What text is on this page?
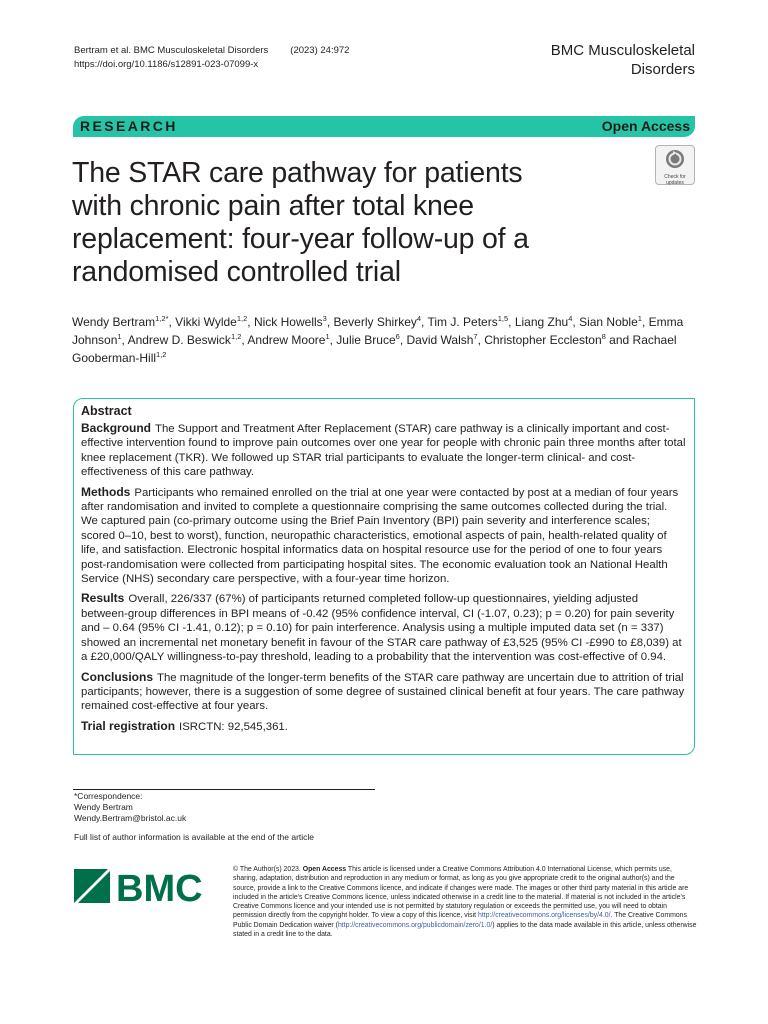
Bertram et al. BMC Musculoskeletal Disorders (2023) 24:972
https://doi.org/10.1186/s12891-023-07099-x
BMC Musculoskeletal
Disorders
RESEARCH	Open Access
The STAR care pathway for patients with chronic pain after total knee replacement: four-year follow-up of a randomised controlled trial
Check for
updates
Wendy Bertram$^{1,2*}$, Vikki Wylde$^{1,2}$, Nick Howells$^3$, Beverly Shirkey$^4$, Tim J. Peters$^{1,5}$, Liang Zhu$^4$, Sian Noble$^1$, Emma Johnson$^1$, Andrew D. Beswick$^{1,2}$, Andrew Moore$^1$, Julie Bruce$^6$, David Walsh$^7$, Christopher Eccleston$^8$ and Rachael Gooberman-Hill$^{1,2}$
Abstract

Background The Support and Treatment After Replacement (STAR) care pathway is a clinically important and cost-effective intervention found to improve pain outcomes over one year for people with chronic pain three months after total knee replacement (TKR). We followed up STAR trial participants to evaluate the longer-term clinical- and cost-effectiveness of this care pathway.

Methods Participants who remained enrolled on the trial at one year were contacted by post at a median of four years after randomisation and invited to complete a questionnaire comprising the same outcomes collected during the trial. We captured pain (co-primary outcome using the Brief Pain Inventory (BPI) pain severity and interference scales; scored 0–10, best to worst), function, neuropathic characteristics, emotional aspects of pain, health-related quality of life, and satisfaction. Electronic hospital informatics data on hospital resource use for the period of one to four years post-randomisation were collected from participating hospital sites. The economic evaluation took an National Health Service (NHS) secondary care perspective, with a four-year time horizon.

Results Overall, 226/337 (67%) of participants returned completed follow-up questionnaires, yielding adjusted between-group differences in BPI means of -0.42 (95% confidence interval, CI (-1.07, 0.23); p = 0.20) for pain severity and – 0.64 (95% CI -1.41, 0.12); p = 0.10) for pain interference. Analysis using a multiple imputed data set (n = 337) showed an incremental net monetary benefit in favour of the STAR care pathway of £3,525 (95% CI -£990 to £8,039) at a £20,000/QALY willingness-to-pay threshold, leading to a probability that the intervention was cost-effective of 0.94.

Conclusions The magnitude of the longer-term benefits of the STAR care pathway are uncertain due to attrition of trial participants; however, there is a suggestion of some degree of sustained clinical benefit at four years. The care pathway remained cost-effective at four years.

Trial registration ISRCTN: 92,545,361.

*Correspondence:
Wendy Bertram
Wendy.Bertram@bristol.ac.uk
Full list of author information is available at the end of the article
BMC	© The Author(s) 2023. Open Access This article is licensed under a Creative Commons Attribution 4.0 International License, which permits use, sharing, adaptation, distribution and reproduction in any medium or format, as long as you give appropriate credit to the original author(s) and the source, provide a link to the Creative Commons licence, and indicate if changes were made. The images or other third party material in this article are included in the article's Creative Commons licence, unless indicated otherwise in a credit line to the material. If material is not included in the article's Creative Commons licence and your intended use is not permitted by statutory regulation or exceeds the permitted use, you will need to obtain permission directly from the copyright holder. To view a copy of this licence, visit http://creativecommons.org/licenses/by/4.0/. The Creative Commons Public Domain Dedication waiver (http://creativecommons.org/publicdomain/zero/1.0/) applies to the data made available in this article, unless otherwise stated in a credit line to the data.
